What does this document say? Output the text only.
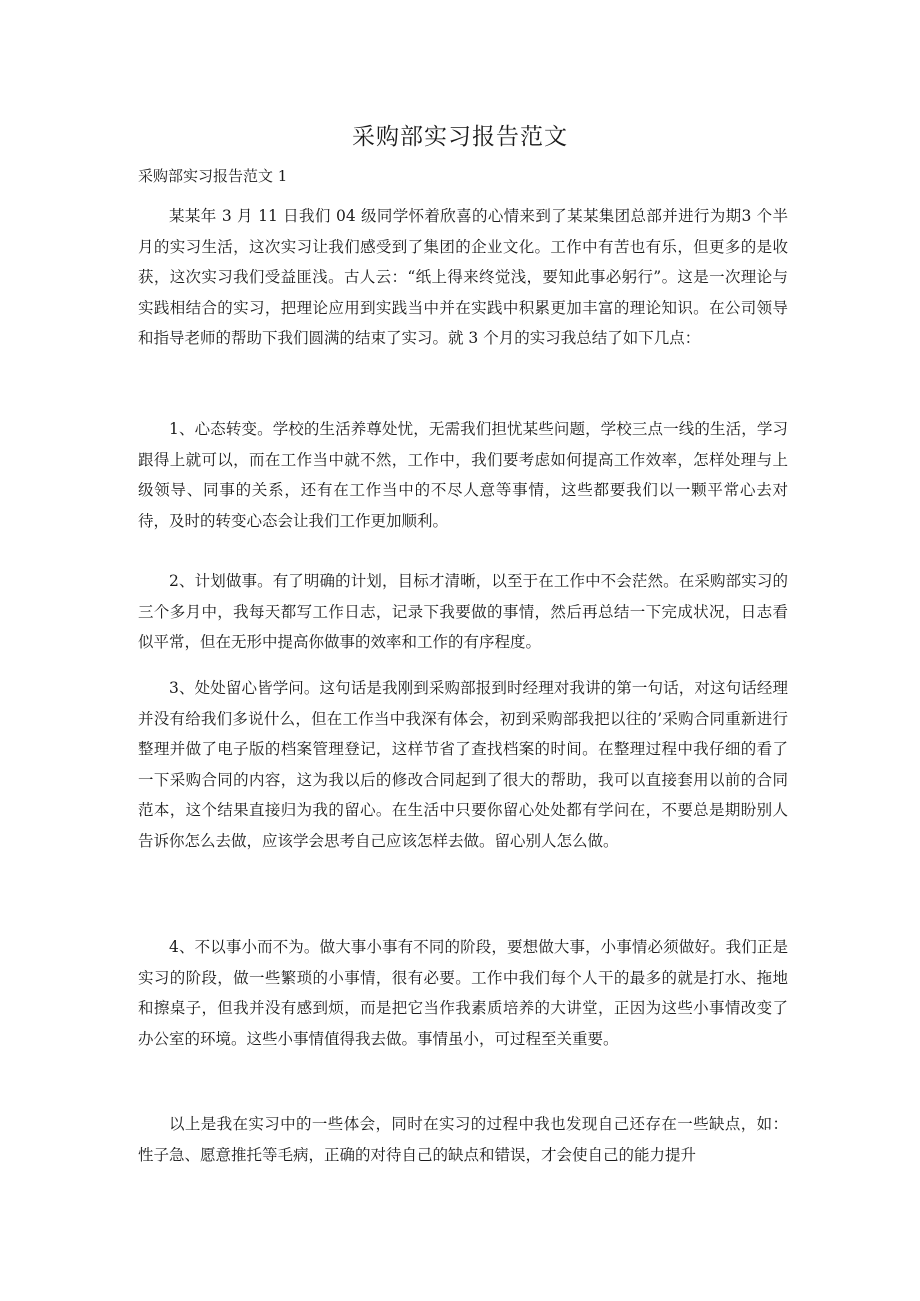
采购部实习报告范文

采购部实习报告范文 1

某某年 3 月 11 日我们 04 级同学怀着欣喜的心情来到了某某集团总部并进行为期3 个半月的实习生活，这次实习让我们感受到了集团的企业文化。工作中有苦也有乐，但更多的是收获，这次实习我们受益匪浅。古人云：“纸上得来终觉浅，要知此事必躬行”。这是一次理论与实践相结合的实习，把理论应用到实践当中并在实践中积累更加丰富的理论知识。在公司领导和指导老师的帮助下我们圆满的结束了实习。就 3 个月的实习我总结了如下几点：

1、心态转变。学校的生活养尊处忧，无需我们担忧某些问题，学校三点一线的生活，学习跟得上就可以，而在工作当中就不然，工作中，我们要考虑如何提高工作效率，怎样处理与上级领导、同事的关系，还有在工作当中的不尽人意等事情，这些都要我们以一颗平常心去对待，及时的转变心态会让我们工作更加顺利。

2、计划做事。有了明确的计划，目标才清晰，以至于在工作中不会茫然。在采购部实习的三个多月中，我每天都写工作日志，记录下我要做的事情，然后再总结一下完成状况，日志看似平常，但在无形中提高你做事的效率和工作的有序程度。

3、处处留心皆学问。这句话是我刚到采购部报到时经理对我讲的第一句话，对这句话经理并没有给我们多说什么，但在工作当中我深有体会，初到采购部我把以往的’采购合同重新进行整理并做了电子版的档案管理登记，这样节省了查找档案的时间。在整理过程中我仔细的看了一下采购合同的内容，这为我以后的修改合同起到了很大的帮助，我可以直接套用以前的合同范本，这个结果直接归为我的留心。在生活中只要你留心处处都有学问在，不要总是期盼别人告诉你怎么去做，应该学会思考自己应该怎样去做。留心别人怎么做。

4、不以事小而不为。做大事小事有不同的阶段，要想做大事，小事情必须做好。我们正是实习的阶段，做一些繁琐的小事情，很有必要。工作中我们每个人干的最多的就是打水、拖地和擦桌子，但我并没有感到烦，而是把它当作我素质培养的大讲堂，正因为这些小事情改变了办公室的环境。这些小事情值得我去做。事情虽小，可过程至关重要。

以上是我在实习中的一些体会，同时在实习的过程中我也发现自己还存在一些缺点，如：性子急、愿意推托等毛病，正确的对待自己的缺点和错误，才会使自己的能力提升
